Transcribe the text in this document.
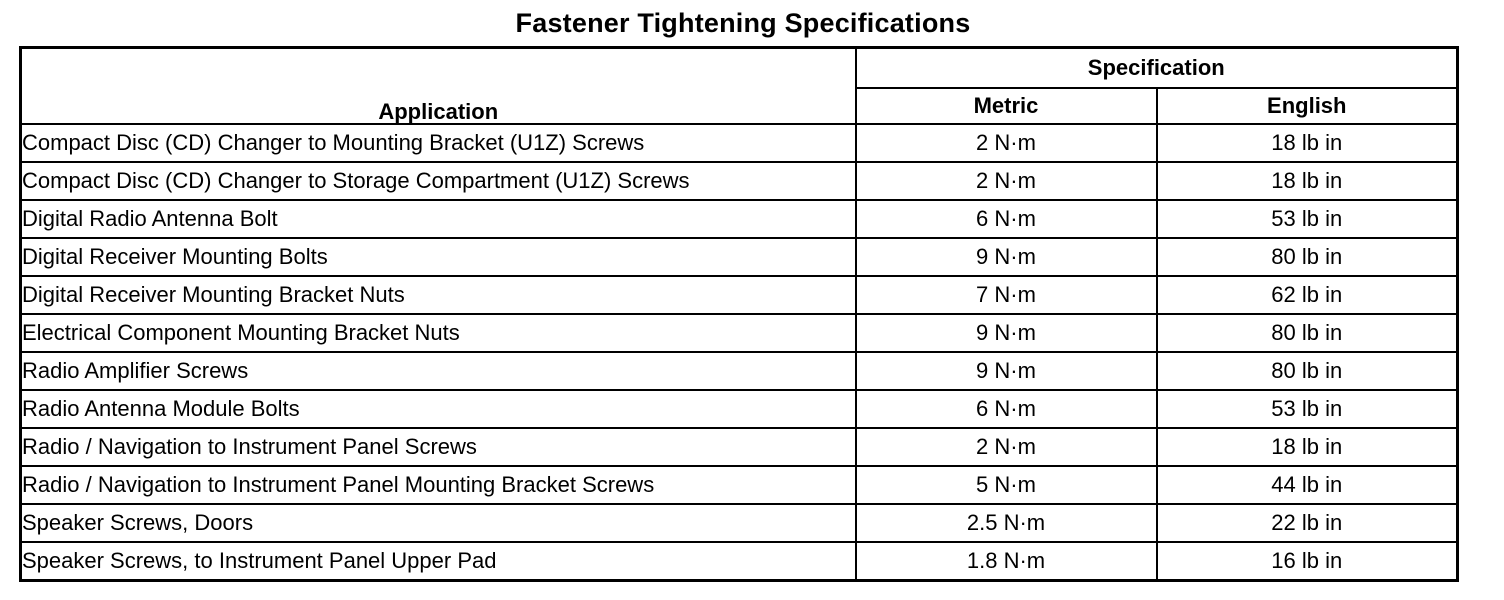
Fastener Tightening Specifications
Application	Specification	
	Metric	English
Compact Disc (CD) Changer to Mounting Bracket (U1Z) Screws	2 N·m	18 lb in
Compact Disc (CD) Changer to Storage Compartment (U1Z) Screws	2 N·m	18 lb in
Digital Radio Antenna Bolt	6 N·m	53 lb in
Digital Receiver Mounting Bolts	9 N·m	80 lb in
Digital Receiver Mounting Bracket Nuts	7 N·m	62 lb in
Electrical Component Mounting Bracket Nuts	9 N·m	80 lb in
Radio Amplifier Screws	9 N·m	80 lb in
Radio Antenna Module Bolts	6 N·m	53 lb in
Radio / Navigation to Instrument Panel Screws	2 N·m	18 lb in
Radio / Navigation to Instrument Panel Mounting Bracket Screws	5 N·m	44 lb in
Speaker Screws, Doors	2.5 N·m	22 lb in
Speaker Screws, to Instrument Panel Upper Pad	1.8 N·m	16 lb in
